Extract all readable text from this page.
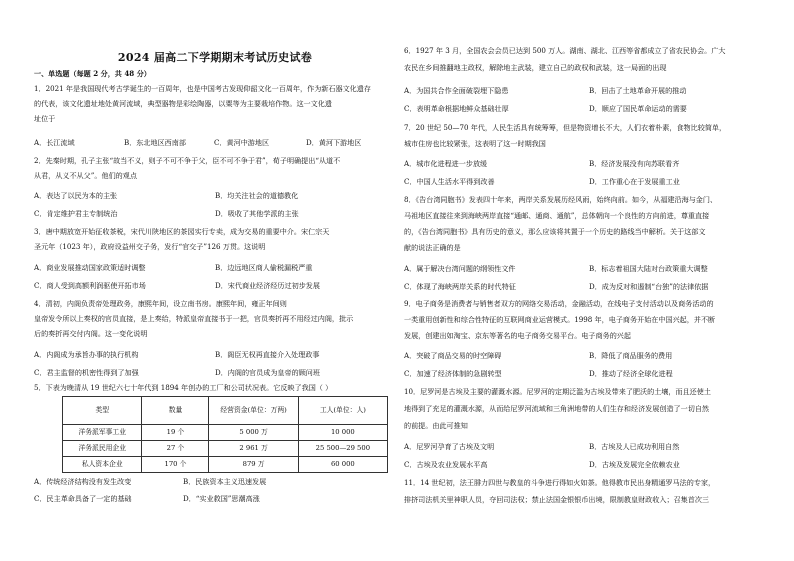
2024 届高二下学期期末考试历史试卷
一、单选题（每题 2 分，共 48 分）
1．2021 年是我国现代考古学诞生的一百周年，也是中国考古发现仰韶文化一百周年，作为新石器文化遗存
的代表，该文化遗址地处黄河流域，典型器物是彩绘陶器，以粟等为主要栽培作物。这一文化遗
址位于
A．长江流域	B．东北地区西南部	C．黄河中游地区	D．黄河下游地区
2．先秦时期，孔子主张“故当不义，则子不可不争于父，臣不可不争于君”，荀子明确提出“从道不
从君，从义不从父”。他们的观点
A．表达了以民为本的主张	B．均关注社会的道德教化
C．肯定维护君主专制统治	D．吸收了其他学派的主张
3．唐中期放宽开始征收茶税，宋代川陕地区的茶园实行专卖，成为交易的重要中介。宋仁宗天
圣元年（1023 年），政府设益州交子务，发行“官交子”126 万贯。这说明
A．商业发展推动国家政策适时调整	B．边远地区商人偷税漏税严重
C．商人受到高额利润驱使开拓市场	D．宋代商业经济经历过初步发展
4．清初，内阁负责帝处理政务，康熙年间，设立南书房。康熙年间，雍正年间则
皇帝发令所以上奏权的官员直接，是上奏给，特派皇帝直接书于一把，官员奏折再不用经过内阁，批示
后的奏折再交付内阁。这一变化说明
A．内阁成为承旨办事的执行机构	B．阁臣无权再直接介入处理政事
C．君主监督的机密性得到了加强	D．内阁的官员成为皇帝的顾问班
5．下表为晚清从 19 世纪六七十年代到 1894 年创办的工厂和公司状况表。它反映了我国（ ）
类型	数量	经营资金(单位：万两)	工人(单位：人)
洋务派军事工业	19 个	5 000 万	10 000
洋务派民用企业	27 个	2 961 万	25 500—29 500
私人资本企业	170 个	879 万	60 000
A．传统经济结构没有发生改变	B．民族资本主义迅速发展
C．民主革命具备了一定的基础	D．“实业救国”思潮高涨
6．1927 年 3 月，全国农会会员已达到 500 万人。湖南、湖北、江西等省都成立了省农民协会。广大
农民在乡间推翻地主政权，解除地主武装，建立自己的政权和武装，这一局面的出现
A．为国共合作全面破裂埋下隐患	B．回击了土地革命开展的推动
C．表明革命根据地鲜众基础壮厚	D．顺应了国民革命运动的需要
7．20 世纪 50—70 年代，人民生活具有统筹筹，但是物资增长不大，人们衣着朴素，食物比较简单，
城市住房也比较紧张，这表明了这一时期我国
A．城市化进程进一步放缓	B．经济发展没有向苏联看齐
C．中国人生活水平得到改善	D．工作重心在于发展重工业
8．《告台湾同胞书》发表四十年来，两岸关系发展历经风雨，始终向前。如今，从福建沿海与金门、
马祖地区直接往来到海峡两岸直接“通邮、通商、通航”，总体朝向一个良性的方向前进，尊重直接
的，《告台湾同胞书》具有历史的意义，那么应该将其置于一个历史的路线当中解析。关于这部文
献的说法正确的是
A．属于解决台湾问题的纲领性文件	B．标志着祖国大陆对台政策重大调整
C．体现了海峡两岸关系的时代特征	D．成为反对和遏制“台独”的法律依据
9．电子商务是消费者与销售者双方的网络交易活动，金融活动，在线电子支付活动以及商务活动的
一类重用创新性和综合性特征的互联网商业运营模式。1998 年，电子商务开始在中国兴起，并不断
发展，创建出如淘宝、京东等著名的电子商务交易平台。电子商务的兴起
A．突破了商品交易的时空障碍	B．降低了商品服务的费用
C．加速了经济体制的急剧转型	D．推动了经济全球化进程
10．尼罗河是古埃及主要的灌溉水源。尼罗河的定期泛滥为古埃及带来了肥沃的土壤，而且还使土
地得到了充足的灌溉水源，从而给尼罗河流域和三角洲地带的人们生存和经济发展创造了一切自然
的前提。由此可推知
A．尼罗河孕育了古埃及文明	B．古埃及人已成功利用自然
C．古埃及农业发展水平高	D．古埃及发展完全依赖农业
11．14 世纪初，法王腓力四世与教皇的斗争进行得如火如荼。他得教市民出身精通罗马法的专家，
排挤司法机关里神职人员，夺回司法权；禁止法国金银银币出境，限制教皇财政收入；召集首次三
